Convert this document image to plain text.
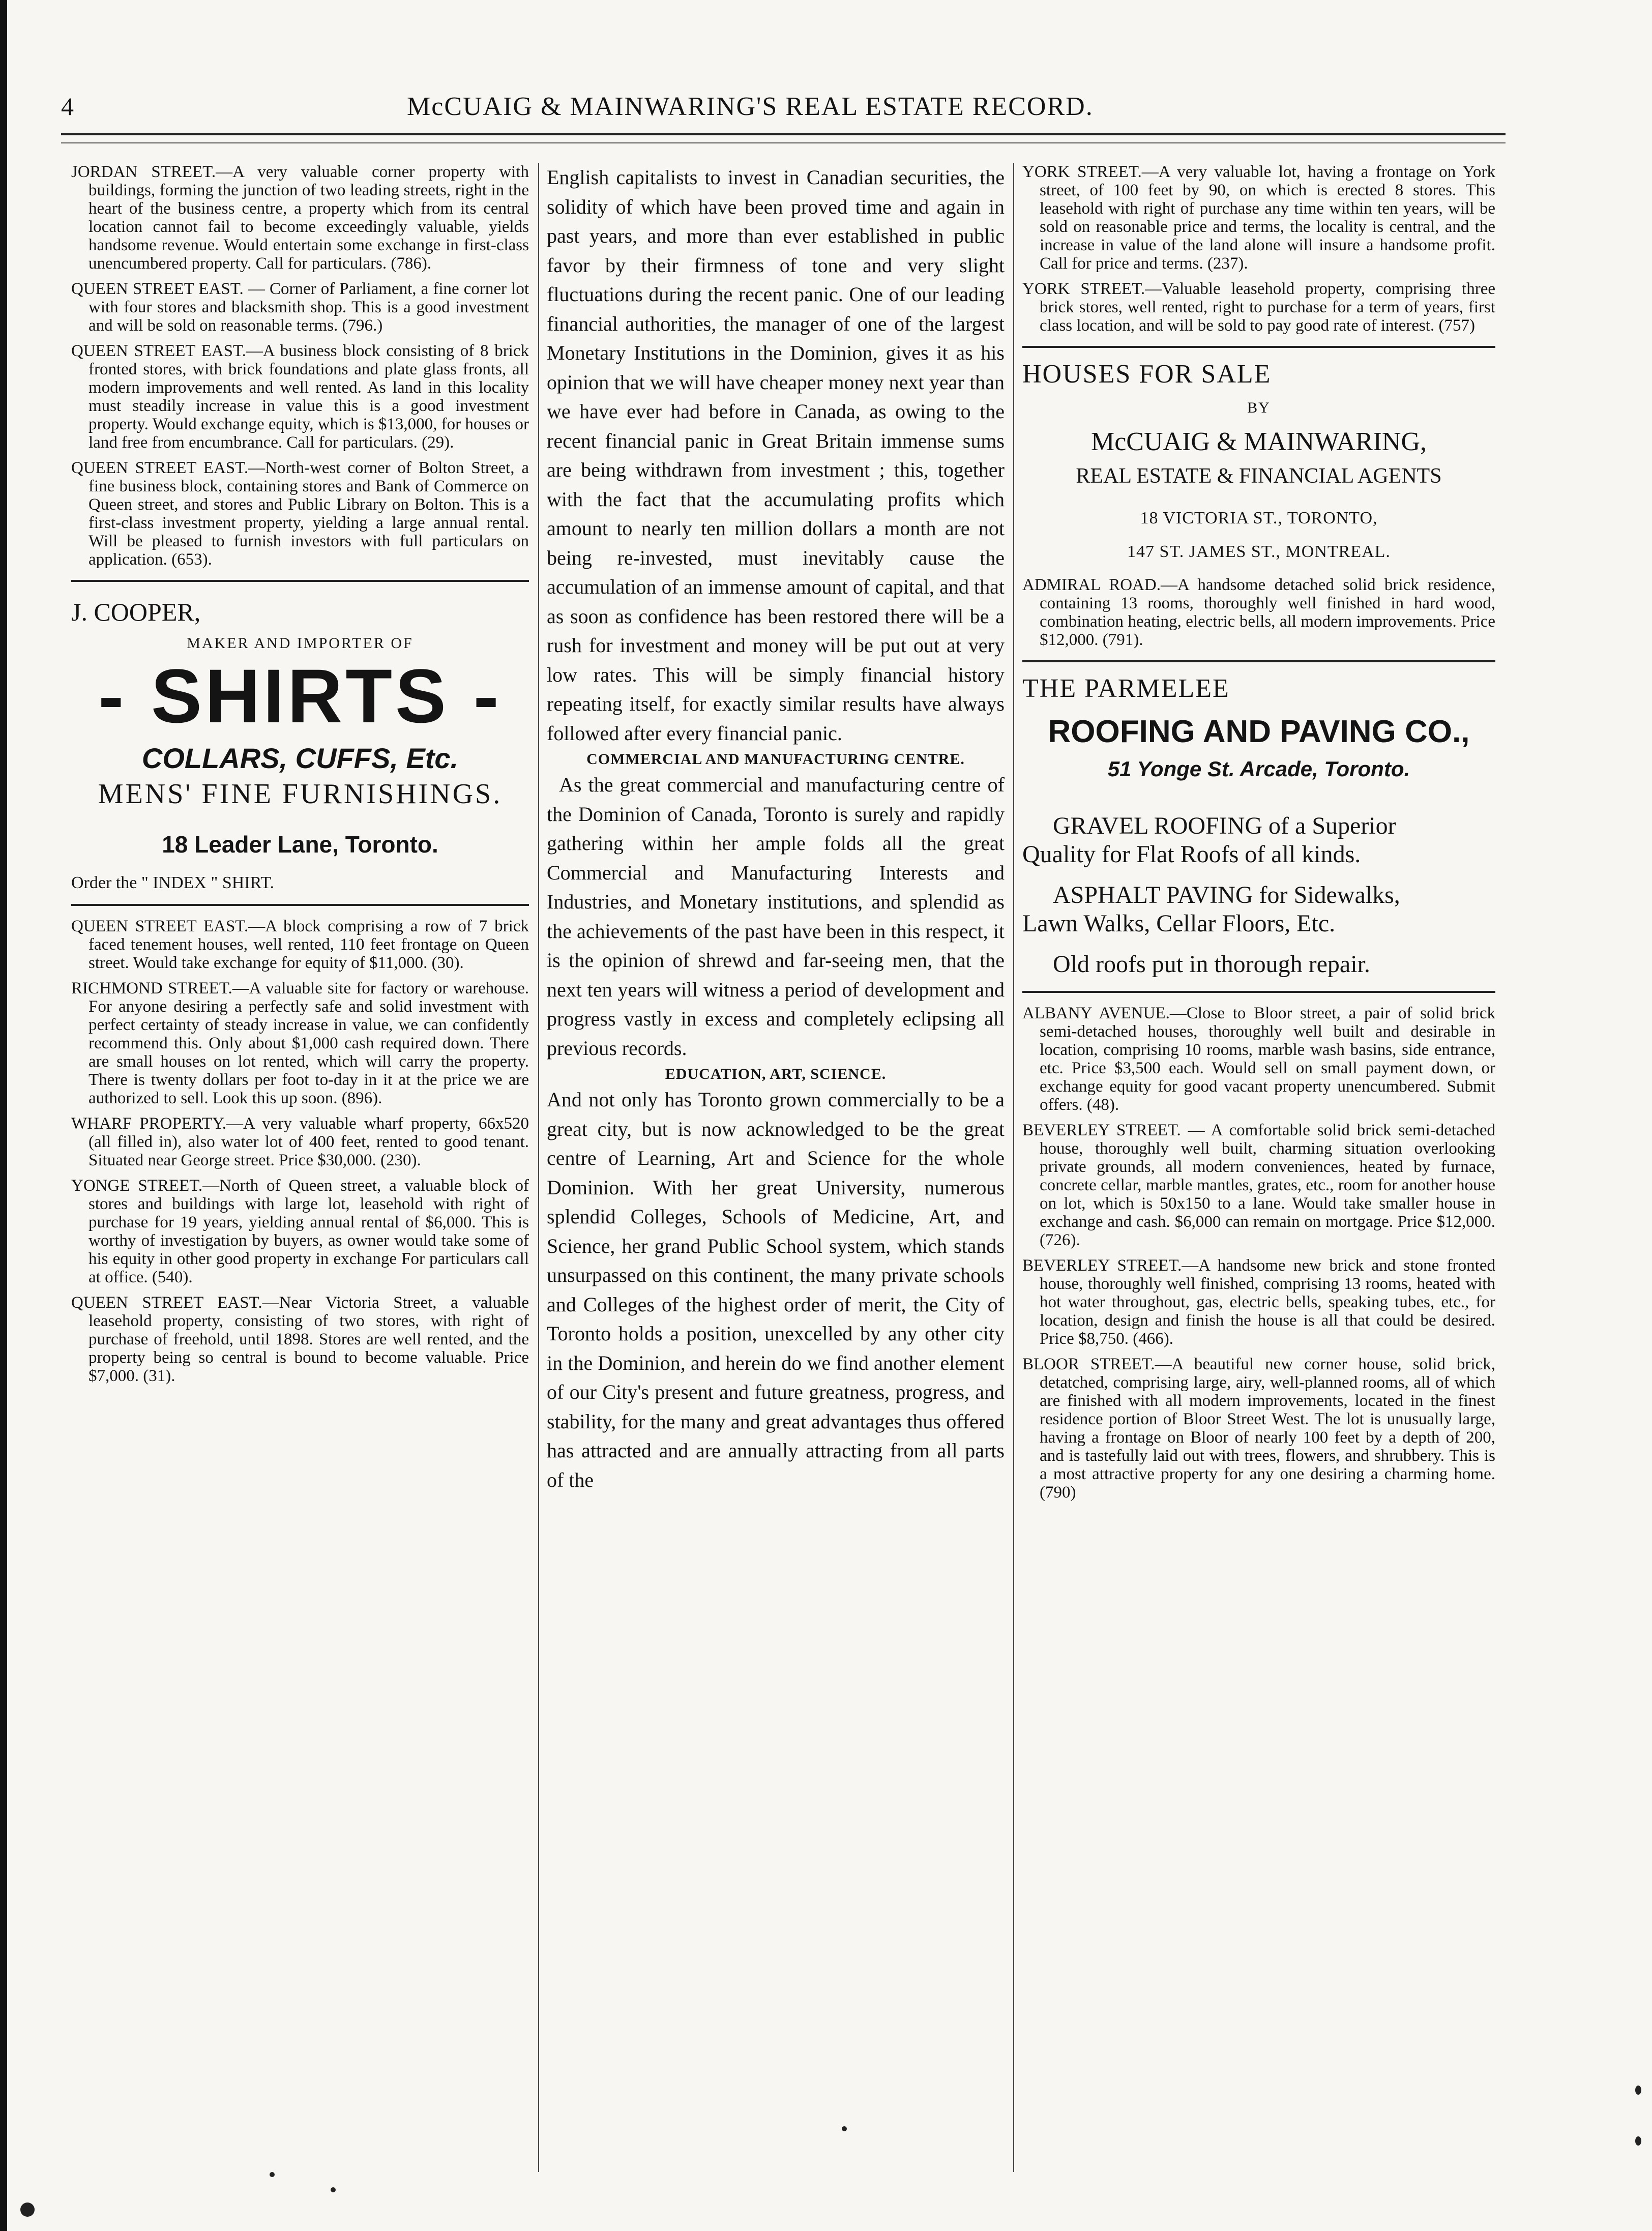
4	McCUAIG & MAINWARING'S REAL ESTATE RECORD.

JORDAN STREET.—A very valuable corner property with buildings, forming the junction of two leading streets, right in the heart of the business centre, a property which from its central location cannot fail to become exceedingly valuable, yields handsome revenue. Would entertain some exchange in first-class unencumbered property. Call for particulars. (786).

QUEEN STREET EAST. — Corner of Parliament, a fine corner lot with four stores and blacksmith shop. This is a good investment and will be sold on reasonable terms. (796.)

QUEEN STREET EAST.—A business block consisting of 8 brick fronted stores, with brick foundations and plate glass fronts, all modern improvements and well rented. As land in this locality must steadily increase in value this is a good investment property. Would exchange equity, which is $13,000, for houses or land free from encumbrance. Call for particulars. (29).

QUEEN STREET EAST.—North-west corner of Bolton Street, a fine business block, containing stores and Bank of Commerce on Queen street, and stores and Public Library on Bolton. This is a first-class investment property, yielding a large annual rental. Will be pleased to furnish investors with full particulars on application. (653).

J. COOPER,

MAKER AND IMPORTER OF

- SHIRTS -

COLLARS, CUFFS, Etc.

MENS' FINE FURNISHINGS.

18 Leader Lane, Toronto.

Order the " INDEX " SHIRT.

QUEEN STREET EAST.—A block comprising a row of 7 brick faced tenement houses, well rented, 110 feet frontage on Queen street. Would take exchange for equity of $11,000. (30).

RICHMOND STREET.—A valuable site for factory or warehouse. For anyone desiring a perfectly safe and solid investment with perfect certainty of steady increase in value, we can confidently recommend this. Only about $1,000 cash required down. There are small houses on lot rented, which will carry the property. There is twenty dollars per foot to-day in it at the price we are authorized to sell. Look this up soon. (896).

WHARF PROPERTY.—A very valuable wharf property, 66x520 (all filled in), also water lot of 400 feet, rented to good tenant. Situated near George street. Price $30,000. (230).

YONGE STREET.—North of Queen street, a valuable block of stores and buildings with large lot, leasehold with right of purchase for 19 years, yielding annual rental of $6,000. This is worthy of investigation by buyers, as owner would take some of his equity in other good property in exchange For particulars call at office. (540).

QUEEN STREET EAST.—Near Victoria Street, a valuable leasehold property, consisting of two stores, with right of purchase of freehold, until 1898. Stores are well rented, and the property being so central is bound to become valuable. Price $7,000. (31).

English capitalists to invest in Canadian securities, the solidity of which have been proved time and again in past years, and more than ever established in public favor by their firmness of tone and very slight fluctuations during the recent panic. One of our leading financial authorities, the manager of one of the largest Monetary Institutions in the Dominion, gives it as his opinion that we will have cheaper money next year than we have ever had before in Canada, as owing to the recent financial panic in Great Britain immense sums are being withdrawn from investment ; this, together with the fact that the accumulating profits which amount to nearly ten million dollars a month are not being re-invested, must inevitably cause the accumulation of an immense amount of capital, and that as soon as confidence has been restored there will be a rush for investment and money will be put out at very low rates. This will be simply financial history repeating itself, for exactly similar results have always followed after every financial panic.

COMMERCIAL AND MANUFACTURING CENTRE.

As the great commercial and manufacturing centre of the Dominion of Canada, Toronto is surely and rapidly gathering within her ample folds all the great Commercial and Manufacturing Interests and Industries, and Monetary institutions, and splendid as the achievements of the past have been in this respect, it is the opinion of shrewd and far-seeing men, that the next ten years will witness a period of development and progress vastly in excess and completely eclipsing all previous records.

EDUCATION, ART, SCIENCE.

And not only has Toronto grown commercially to be a great city, but is now acknowledged to be the great centre of Learning, Art and Science for the whole Dominion. With her great University, numerous splendid Colleges, Schools of Medicine, Art, and Science, her grand Public School system, which stands unsurpassed on this continent, the many private schools and Colleges of the highest order of merit, the City of Toronto holds a position, unexcelled by any other city in the Dominion, and herein do we find another element of our City's present and future greatness, progress, and stability, for the many and great advantages thus offered has attracted and are annually attracting from all parts of the

YORK STREET.—A very valuable lot, having a frontage on York street, of 100 feet by 90, on which is erected 8 stores. This leasehold with right of purchase any time within ten years, will be sold on reasonable price and terms, the locality is central, and the increase in value of the land alone will insure a handsome profit. Call for price and terms. (237).

YORK STREET.—Valuable leasehold property, comprising three brick stores, well rented, right to purchase for a term of years, first class location, and will be sold to pay good rate of interest. (757)

HOUSES FOR SALE

BY

McCUAIG & MAINWARING,

REAL ESTATE & FINANCIAL AGENTS

18 VICTORIA ST., TORONTO,

147 ST. JAMES ST., MONTREAL.

ADMIRAL ROAD.—A handsome detached solid brick residence, containing 13 rooms, thoroughly well finished in hard wood, combination heating, electric bells, all modern improvements. Price $12,000. (791).

THE PARMELEE

ROOFING AND PAVING CO.,

51 Yonge St. Arcade, Toronto.

GRAVEL ROOFING of a Superior

Quality for Flat Roofs of all kinds.

ASPHALT PAVING for Sidewalks,

Lawn Walks, Cellar Floors, Etc.

Old roofs put in thorough repair.

ALBANY AVENUE.—Close to Bloor street, a pair of solid brick semi-detached houses, thoroughly well built and desirable in location, comprising 10 rooms, marble wash basins, side entrance, etc. Price $3,500 each. Would sell on small payment down, or exchange equity for good vacant property unencumbered. Submit offers. (48).

BEVERLEY STREET. — A comfortable solid brick semi-detached house, thoroughly well built, charming situation overlooking private grounds, all modern conveniences, heated by furnace, concrete cellar, marble mantles, grates, etc., room for another house on lot, which is 50x150 to a lane. Would take smaller house in exchange and cash. $6,000 can remain on mortgage. Price $12,000. (726).

BEVERLEY STREET.—A handsome new brick and stone fronted house, thoroughly well finished, comprising 13 rooms, heated with hot water throughout, gas, electric bells, speaking tubes, etc., for location, design and finish the house is all that could be desired. Price $8,750. (466).

BLOOR STREET.—A beautiful new corner house, solid brick, detatched, comprising large, airy, well-planned rooms, all of which are finished with all modern improvements, located in the finest residence portion of Bloor Street West. The lot is unusually large, having a frontage on Bloor of nearly 100 feet by a depth of 200, and is tastefully laid out with trees, flowers, and shrubbery. This is a most attractive property for any one desiring a charming home. (790)
